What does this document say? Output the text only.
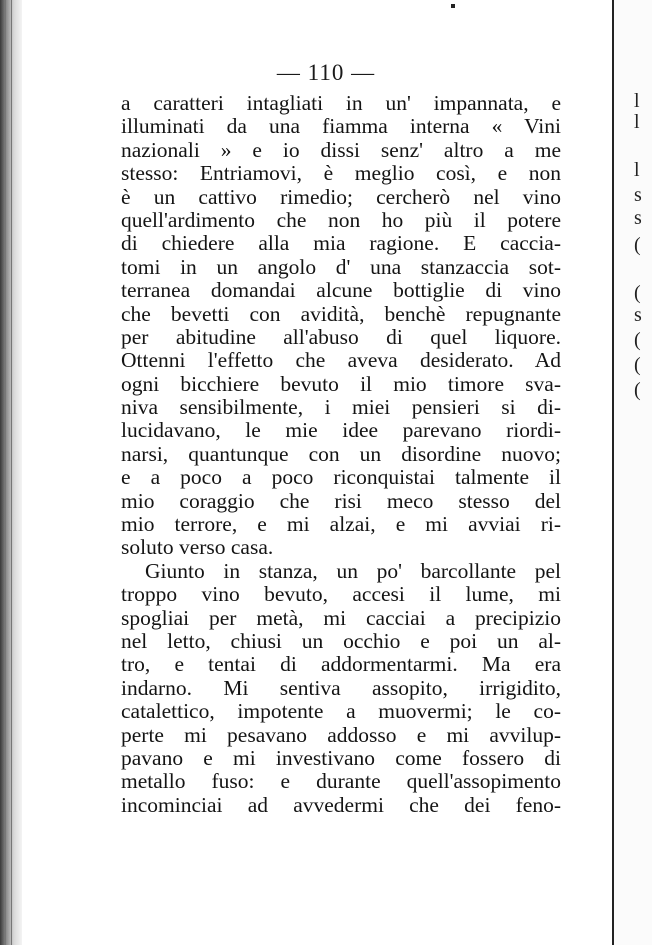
l
l
l
s
s
(
(
(
s
(
(
— 110 —
a caratteri intagliati in un' impannata, e
illuminati da una fiamma interna « Vini
nazionali » e io dissi senz' altro a me
stesso: Entriamovi, è meglio così, e non
è un cattivo rimedio; cercherò nel vino
quell'ardimento che non ho più il potere
di chiedere alla mia ragione. E caccia-
tomi in un angolo d' una stanzaccia sot-
terranea domandai alcune bottiglie di vino
che bevetti con avidità, benchè repugnante
per abitudine all'abuso di quel liquore.
Ottenni l'effetto che aveva desiderato. Ad
ogni bicchiere bevuto il mio timore sva-
niva sensibilmente, i miei pensieri si di-
lucidavano, le mie idee parevano riordi-
narsi, quantunque con un disordine nuovo;
e a poco a poco riconquistai talmente il
mio coraggio che risi meco stesso del
mio terrore, e mi alzai, e mi avviai ri-
soluto verso casa.
Giunto in stanza, un po' barcollante pel
troppo vino bevuto, accesi il lume, mi
spogliai per metà, mi cacciai a precipizio
nel letto, chiusi un occhio e poi un al-
tro, e tentai di addormentarmi. Ma era
indarno. Mi sentiva assopito, irrigidito,
catalettico, impotente a muovermi; le co-
perte mi pesavano addosso e mi avvilup-
pavano e mi investivano come fossero di
metallo fuso: e durante quell'assopimento
incominciai ad avvedermi che dei feno-
